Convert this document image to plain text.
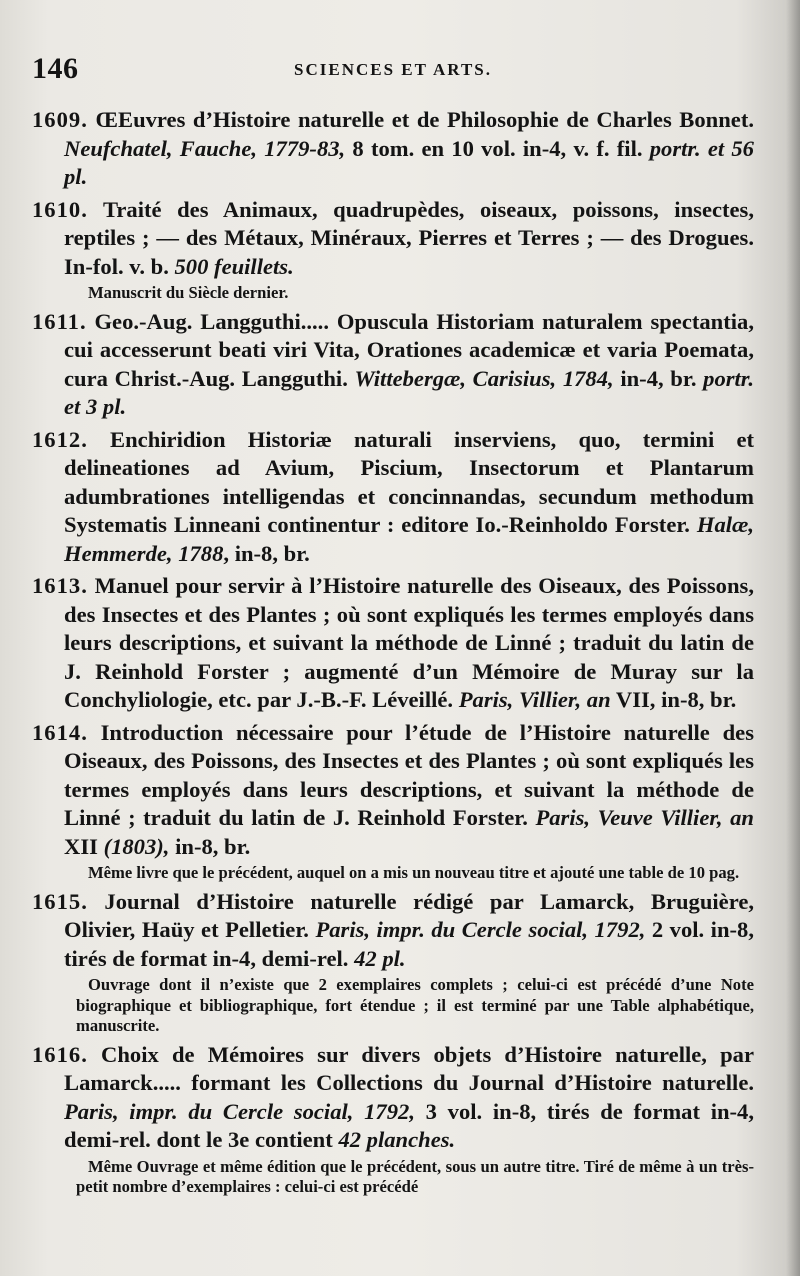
146	SCIENCES ET ARTS.
1609. ŒEuvres d’Histoire naturelle et de Philosophie de Charles Bonnet. Neufchatel, Fauche, 1779-83, 8 tom. en 10 vol. in-4, v. f. fil. portr. et 56 pl.
1610. Traité des Animaux, quadrupèdes, oiseaux, poissons, insectes, reptiles ; — des Métaux, Minéraux, Pierres et Terres ; — des Drogues. In-fol. v. b. 500 feuillets.
Manuscrit du Siècle dernier.
1611. Geo.-Aug. Langguthi..... Opuscula Historiam naturalem spectantia, cui accesserunt beati viri Vita, Orationes academicæ et varia Poemata, cura Christ.-Aug. Langguthi. Wittebergæ, Carisius, 1784, in-4, br. portr. et 3 pl.
1612. Enchiridion Historiæ naturali inserviens, quo, termini et delineationes ad Avium, Piscium, Insectorum et Plantarum adumbrationes intelligendas et concinnandas, secundum methodum Systematis Linneani continentur : editore Io.-Reinholdo Forster. Halæ, Hemmerde, 1788, in-8, br.
1613. Manuel pour servir à l’Histoire naturelle des Oiseaux, des Poissons, des Insectes et des Plantes ; où sont expliqués les termes employés dans leurs descriptions, et suivant la méthode de Linné ; traduit du latin de J. Reinhold Forster ; augmenté d’un Mémoire de Muray sur la Conchyliologie, etc. par J.-B.-F. Léveillé. Paris, Villier, an VII, in-8, br.
1614. Introduction nécessaire pour l’étude de l’Histoire naturelle des Oiseaux, des Poissons, des Insectes et des Plantes ; où sont expliqués les termes employés dans leurs descriptions, et suivant la méthode de Linné ; traduit du latin de J. Reinhold Forster. Paris, Veuve Villier, an XII (1803), in-8, br.
Même livre que le précédent, auquel on a mis un nouveau titre et ajouté une table de 10 pag.
1615. Journal d’Histoire naturelle rédigé par Lamarck, Bruguière, Olivier, Haüy et Pelletier. Paris, impr. du Cercle social, 1792, 2 vol. in-8, tirés de format in-4, demi-rel. 42 pl.
Ouvrage dont il n’existe que 2 exemplaires complets ; celui-ci est précédé d’une Note biographique et bibliographique, fort étendue ; il est terminé par une Table alphabétique, manuscrite.
1616. Choix de Mémoires sur divers objets d’Histoire naturelle, par Lamarck..... formant les Collections du Journal d’Histoire naturelle. Paris, impr. du Cercle social, 1792, 3 vol. in-8, tirés de format in-4, demi-rel. dont le 3e contient 42 planches.
Même Ouvrage et même édition que le précédent, sous un autre titre. Tiré de même à un très-petit nombre d’exemplaires : celui-ci est précédé
